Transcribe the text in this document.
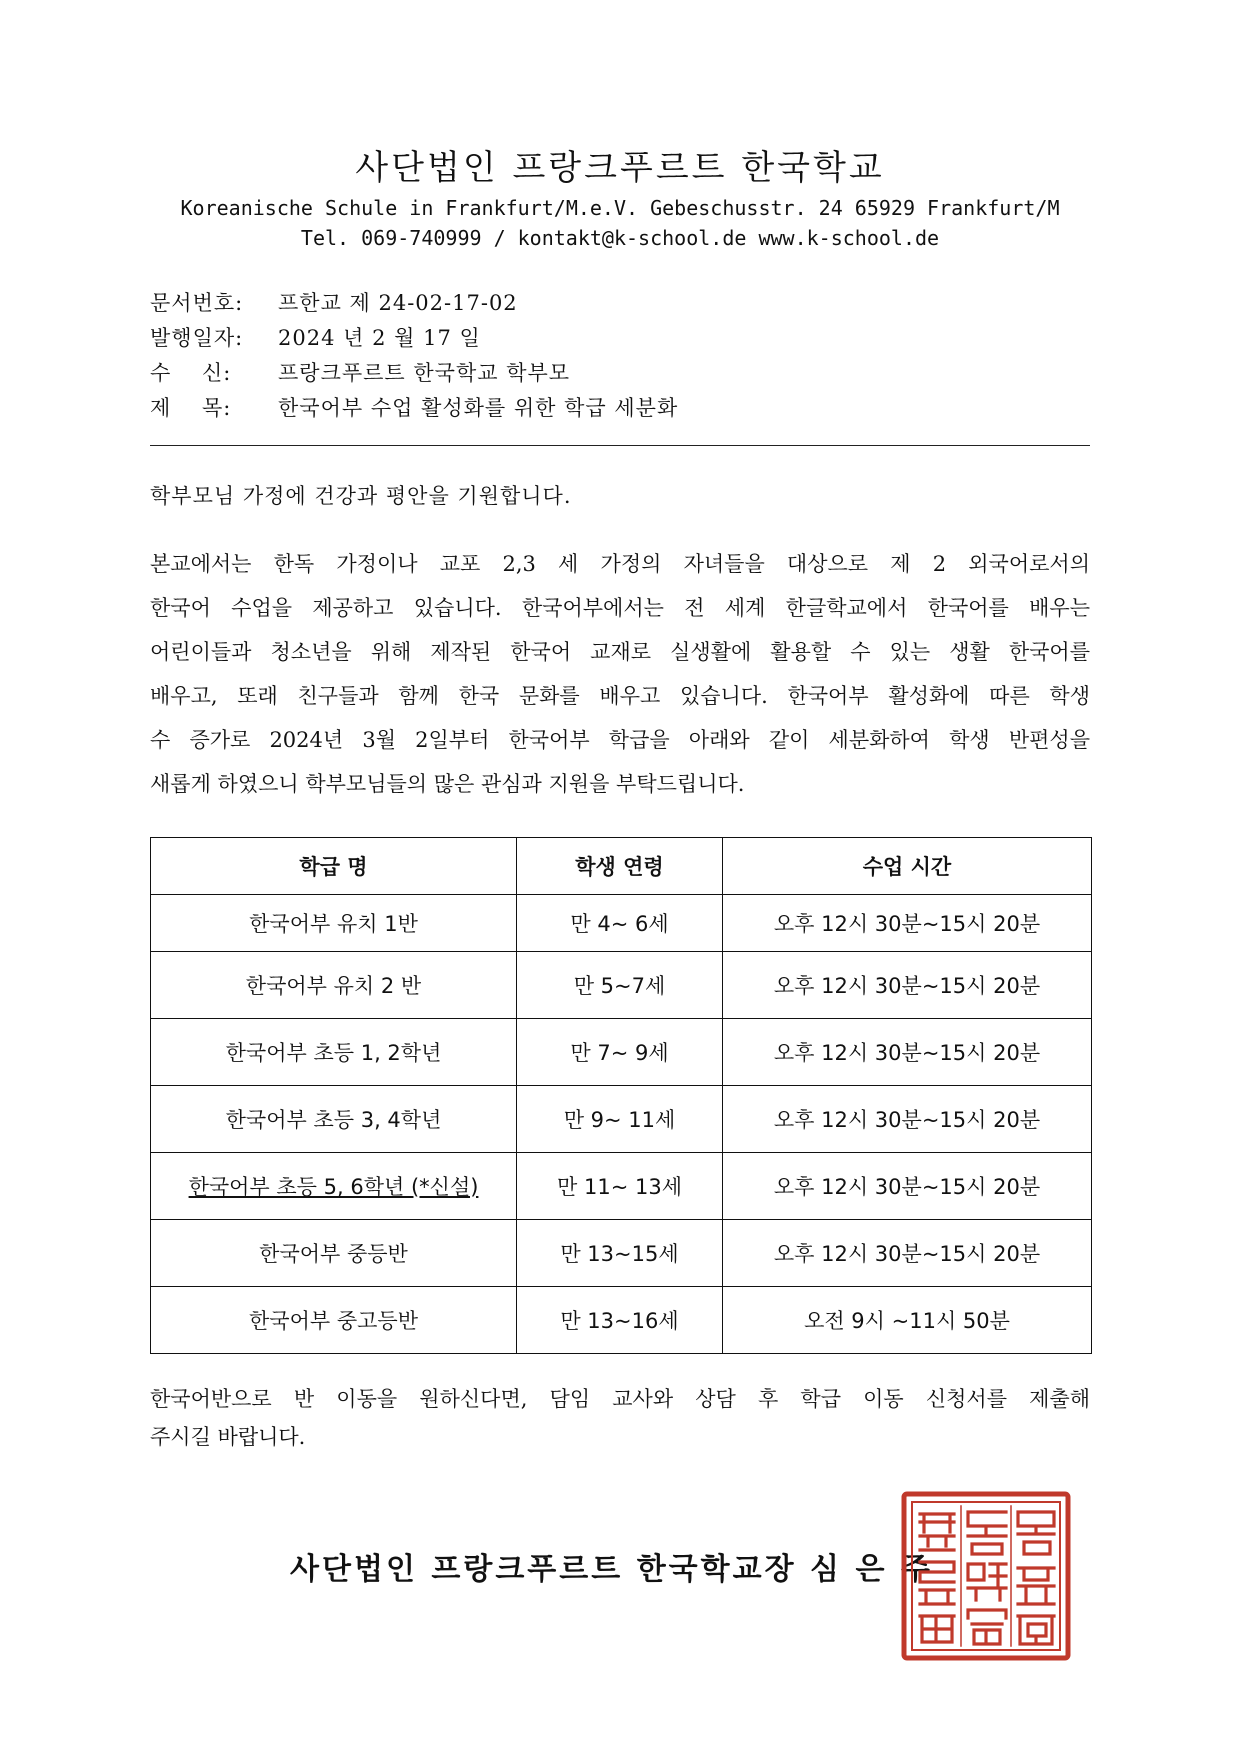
사단법인 프랑크푸르트 한국학교
Koreanische Schule in Frankfurt/M.e.V. Gebeschusstr. 24 65929 Frankfurt/M
Tel. 069-740999 / kontakt@k-school.de www.k-school.de
문서번호:	프한교 제 24-02-17-02
발행일자:	2024 년 2 월 17 일
수    신:	프랑크푸르트 한국학교 학부모
제    목:	한국어부 수업 활성화를 위한 학급 세분화
학부모님 가정에 건강과 평안을 기원합니다.
본교에서는 한독 가정이나 교포 2,3 세 가정의 자녀들을 대상으로 제 2 외국어로서의
한국어 수업을 제공하고 있습니다. 한국어부에서는 전 세계 한글학교에서 한국어를 배우는
어린이들과 청소년을 위해 제작된 한국어 교재로 실생활에 활용할 수 있는 생활 한국어를
배우고, 또래 친구들과 함께 한국 문화를 배우고 있습니다. 한국어부 활성화에 따른 학생
수 증가로 2024년 3월 2일부터 한국어부 학급을 아래와 같이 세분화하여 학생 반편성을
새롭게 하였으니 학부모님들의 많은 관심과 지원을 부탁드립니다.
학급 명	학생 연령	수업 시간
한국어부 유치 1반	만 4~ 6세	오후 12시 30분~15시 20분
한국어부 유치 2 반	만 5~7세	오후 12시 30분~15시 20분
한국어부 초등 1, 2학년	만 7~ 9세	오후 12시 30분~15시 20분
한국어부 초등 3, 4학년	만 9~ 11세	오후 12시 30분~15시 20분
한국어부 초등 5, 6학년 (*신설)	만 11~ 13세	오후 12시 30분~15시 20분
한국어부 중등반	만 13~15세	오후 12시 30분~15시 20분
한국어부 중고등반	만 13~16세	오전 9시 ~11시 50분
한국어반으로 반 이동을 원하신다면, 담임 교사와 상담 후 학급 이동 신청서를 제출해
주시길 바랍니다.
사단법인 프랑크푸르트 한국학교장 심 은 주
